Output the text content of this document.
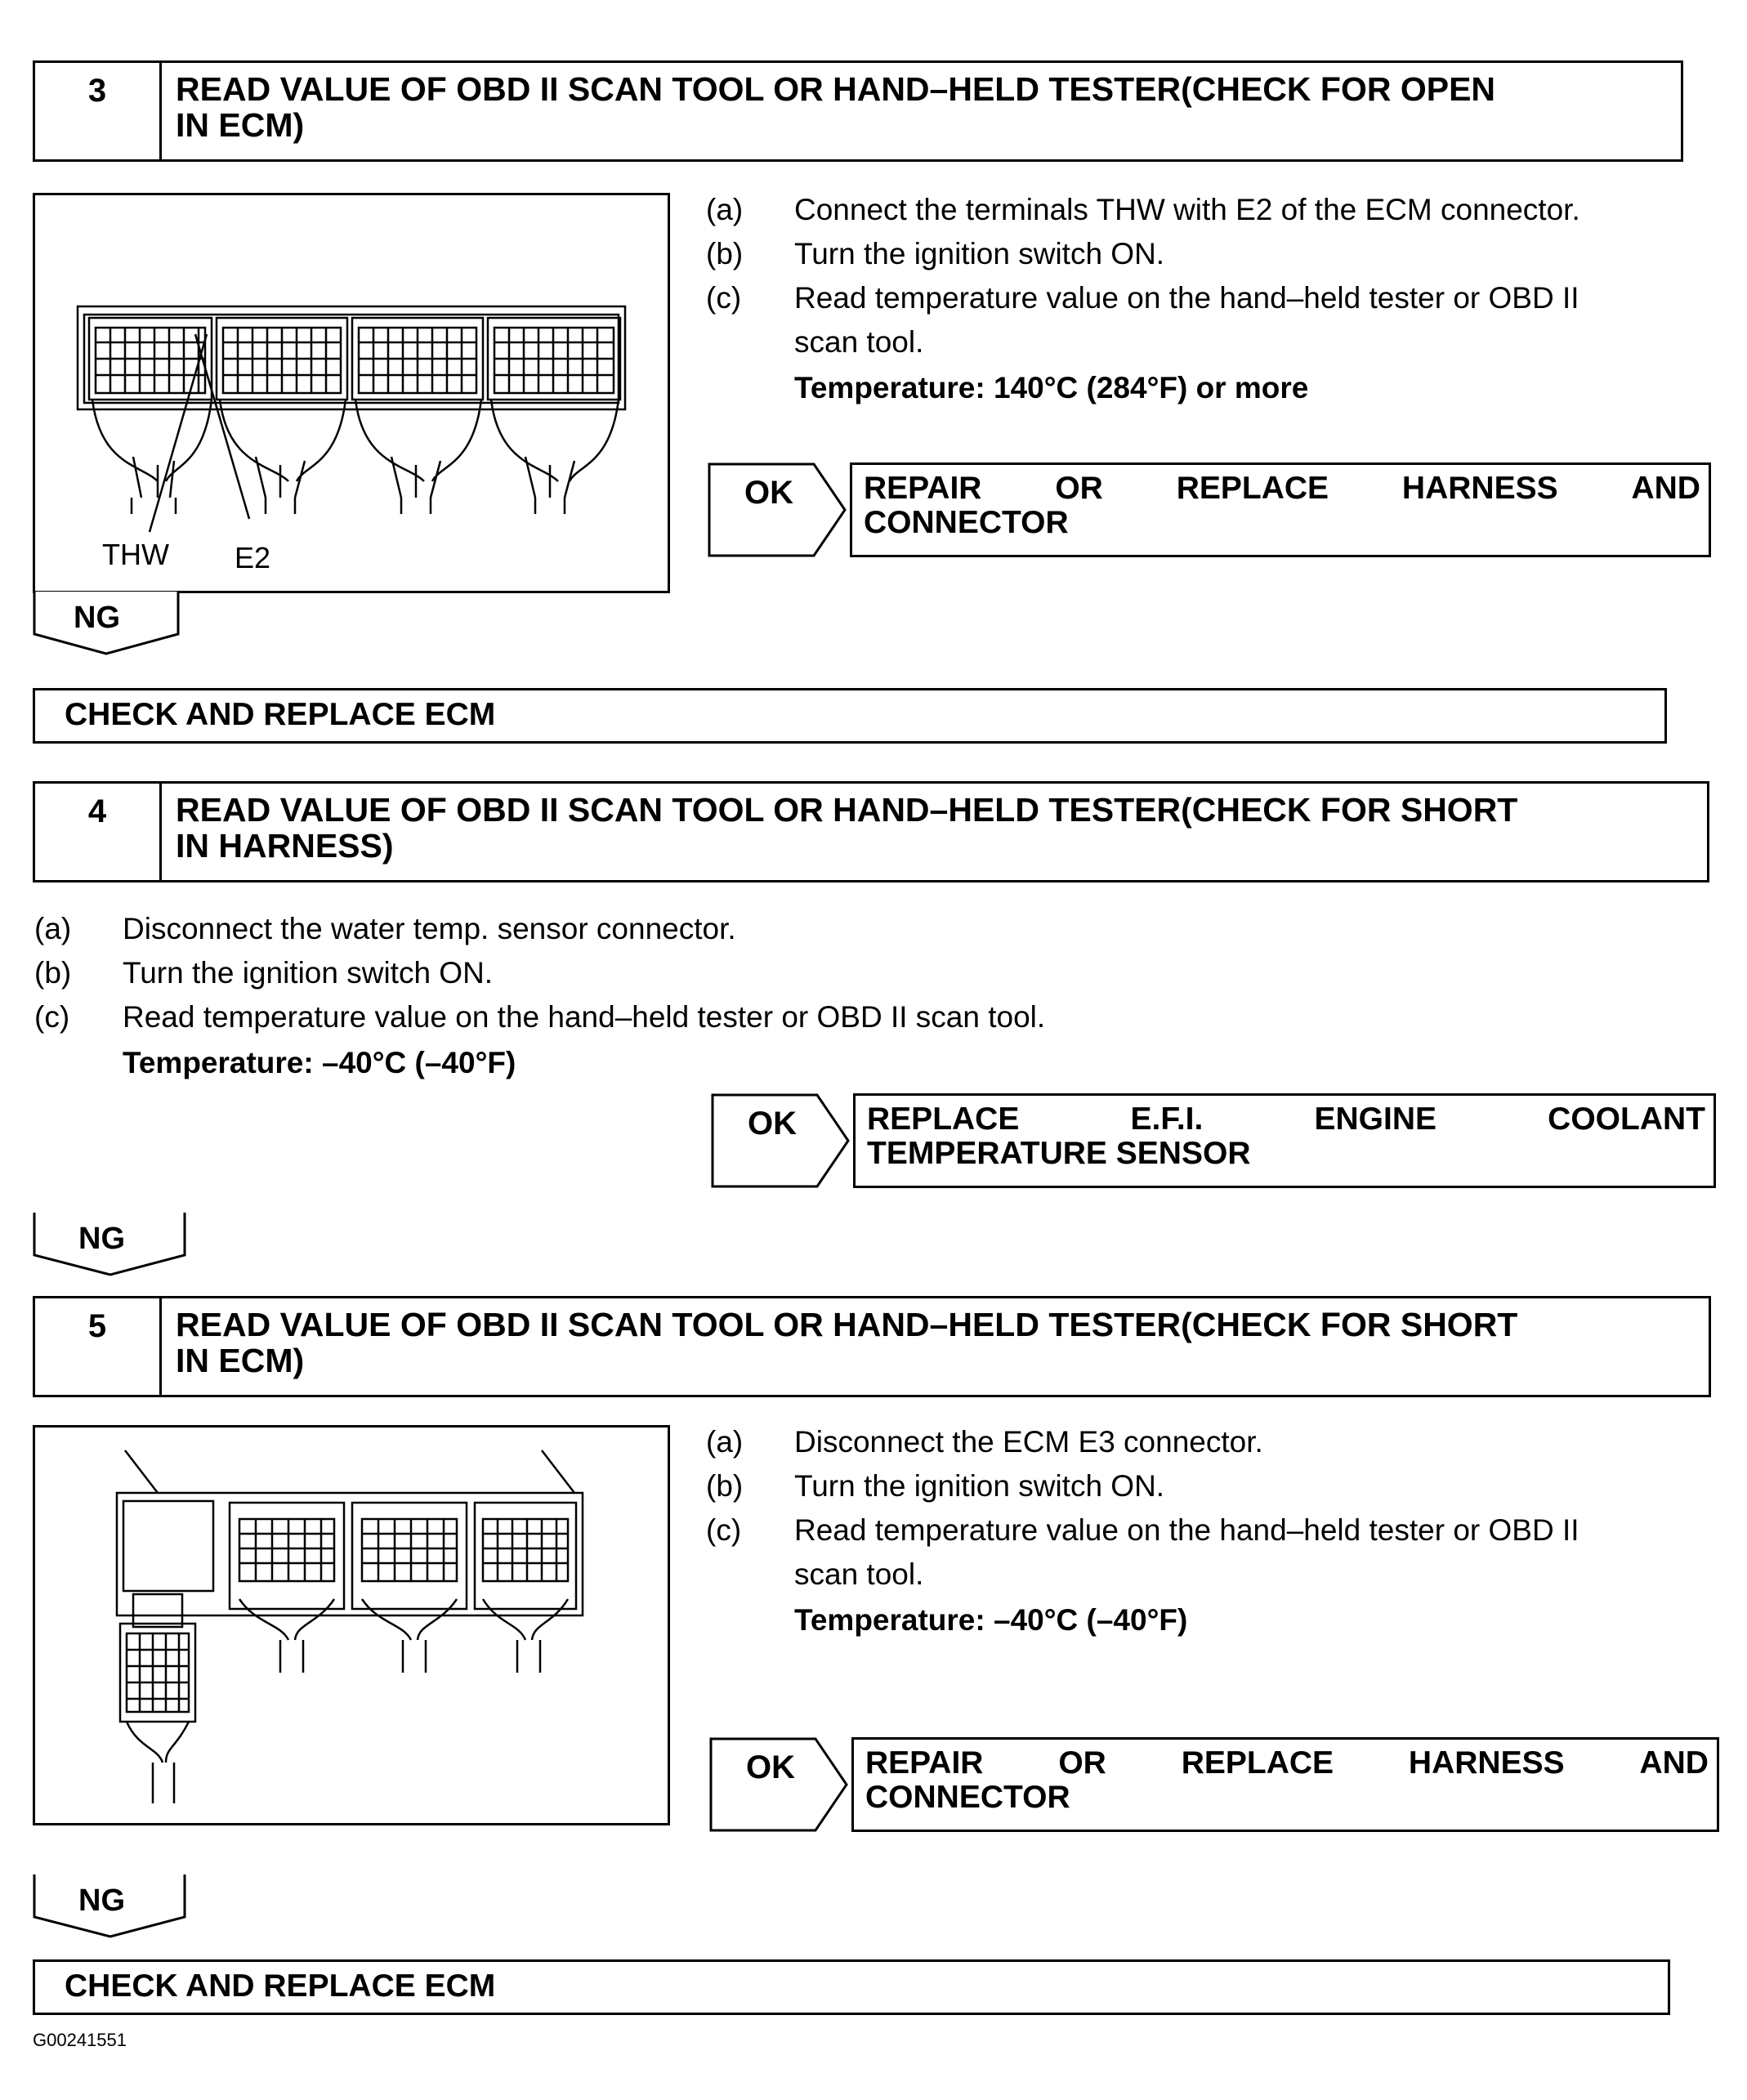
3	READ VALUE OF OBD II SCAN TOOL OR HAND–HELD TESTER(CHECK FOR OPEN
IN ECM)
THW E2
(a) Connect the terminals THW with E2 of the ECM connector.
(b) Turn the ignition switch ON.
(c) Read temperature value on the hand–held tester or OBD II
scan tool.
Temperature: 140°C (284°F) or more
OK REPAIR OR REPLACE HARNESS AND
CONNECTOR
NG
CHECK AND REPLACE ECM
4	READ VALUE OF OBD II SCAN TOOL OR HAND–HELD TESTER(CHECK FOR SHORT
IN HARNESS)
(a) Disconnect the water temp. sensor connector.
(b) Turn the ignition switch ON.
(c) Read temperature value on the hand–held tester or OBD II scan tool.
Temperature: –40°C (–40°F)
OK REPLACE	E.F.I.	ENGINE	COOLANT
TEMPERATURE SENSOR
NG
5	READ VALUE OF OBD II SCAN TOOL OR HAND–HELD TESTER(CHECK FOR SHORT
IN ECM)
(a) Disconnect the ECM E3 connector.
(b) Turn the ignition switch ON.
(c) Read temperature value on the hand–held tester or OBD II
scan tool.
Temperature: –40°C (–40°F)
OK REPAIR OR REPLACE HARNESS AND
CONNECTOR
NG
CHECK AND REPLACE ECM
G00241551
